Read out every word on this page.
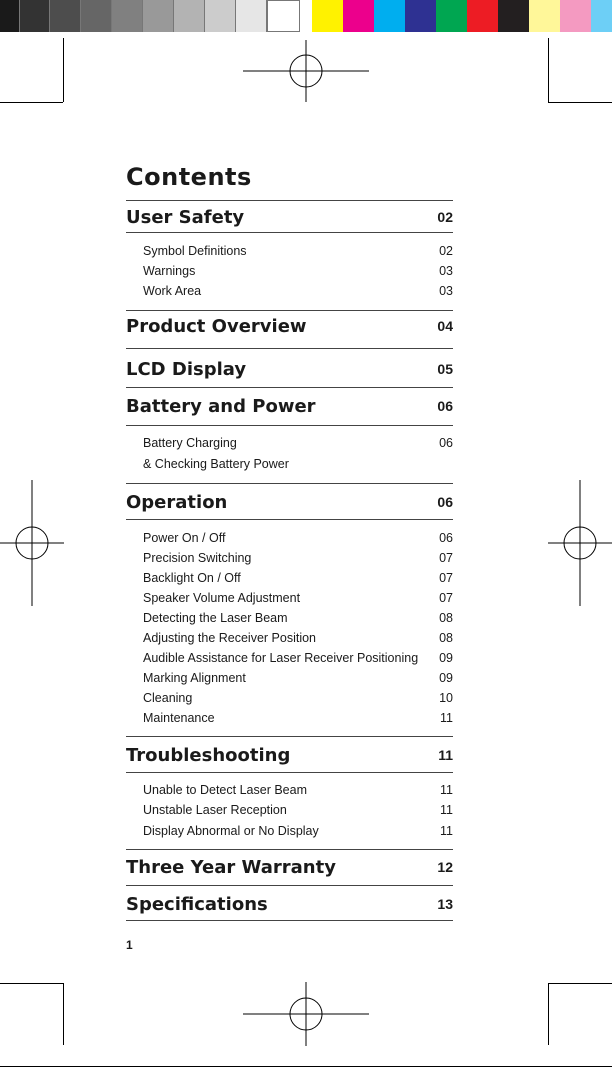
Contents
User Safety	02
Symbol Definitions	02
Warnings	03
Work Area	03
Product Overview	04
LCD Display	05
Battery and Power	06
Battery Charging	06
& Checking Battery Power
Operation	06
Power On / Off	06
Precision Switching	07
Backlight On / Off	07
Speaker Volume Adjustment	07
Detecting the Laser Beam	08
Adjusting the Receiver Position	08
Audible Assistance for Laser Receiver Positioning 09
Marking Alignment	09
Cleaning	10
Maintenance	11
Troubleshooting	11
Unable to Detect Laser Beam	11
Unstable Laser Reception	11
Display Abnormal or No Display	11
Three Year Warranty	12
Specifications	13
1
